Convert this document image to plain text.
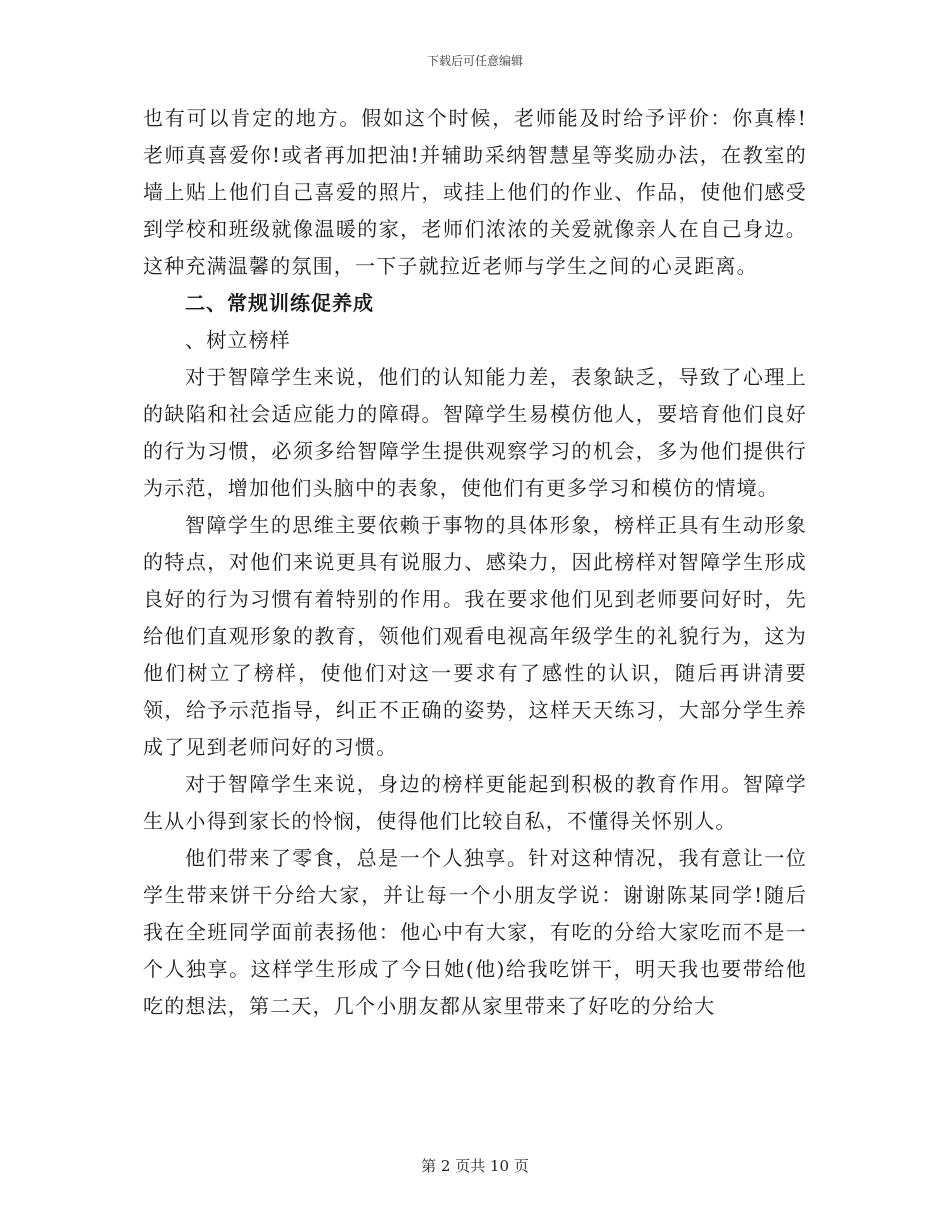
下载后可任意编辑

也有可以肯定的地方。假如这个时候，老师能及时给予评价：你真棒!老师真喜爱你!或者再加把油!并辅助采纳智慧星等奖励办法，在教室的墙上贴上他们自己喜爱的照片，或挂上他们的作业、作品，使他们感受到学校和班级就像温暖的家，老师们浓浓的关爱就像亲人在自己身边。这种充满温馨的氛围，一下子就拉近老师与学生之间的心灵距离。

二、常规训练促养成

、树立榜样

对于智障学生来说，他们的认知能力差，表象缺乏，导致了心理上的缺陷和社会适应能力的障碍。智障学生易模仿他人，要培育他们良好的行为习惯，必须多给智障学生提供观察学习的机会，多为他们提供行为示范，增加他们头脑中的表象，使他们有更多学习和模仿的情境。

智障学生的思维主要依赖于事物的具体形象，榜样正具有生动形象的特点，对他们来说更具有说服力、感染力，因此榜样对智障学生形成良好的行为习惯有着特别的作用。我在要求他们见到老师要问好时，先给他们直观形象的教育，领他们观看电视高年级学生的礼貌行为，这为他们树立了榜样，使他们对这一要求有了感性的认识，随后再讲清要领，给予示范指导，纠正不正确的姿势，这样天天练习，大部分学生养成了见到老师问好的习惯。

对于智障学生来说，身边的榜样更能起到积极的教育作用。智障学生从小得到家长的怜悯，使得他们比较自私，不懂得关怀别人。

他们带来了零食，总是一个人独享。针对这种情况，我有意让一位学生带来饼干分给大家，并让每一个小朋友学说：谢谢陈某同学!随后我在全班同学面前表扬他：他心中有大家，有吃的分给大家吃而不是一个人独享。这样学生形成了今日她(他)给我吃饼干，明天我也要带给他吃的想法，第二天，几个小朋友都从家里带来了好吃的分给大

第 2 页共 10 页
